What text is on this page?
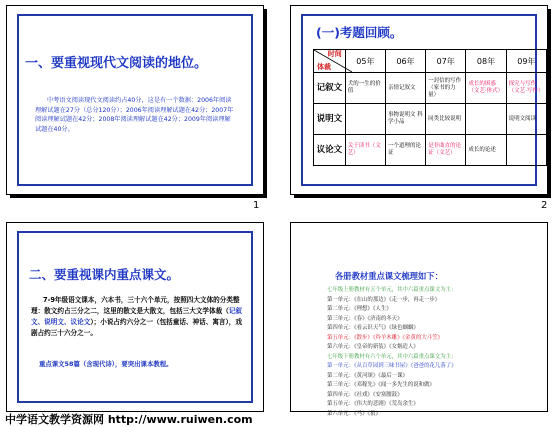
一、要重视现代文阅读的地位。

中考语文阅读现代文阅读约占40分，这是有一个数据：2006年阅读理解试题在27分（总分120分）；2006年阅读理解试题在42分；2007年阅读理解试题在42分；2008年阅读理解试题在42分；2009年阅读理解试题在40分。

1
(一)考题回顾。
时间
体裁	05年	06年	07年	08年	09年
记叙文	犬的一生的价值	亲情记叙文	一封信的写作（家书的力量）	成长的困惑（文艺·体式）	探究与写作（文艺·写作）
说明文		事物说明文 科学小品	同类比较说明		说明文阅读
议论文	关于读书（文艺）	一个道理的论证	是非曲直的论证（文艺）	成长的论述	
2
二、要重视课内重点课文。

7-9年级语文课本，六本书，三十六个单元，按照四大文体的分类整理：散文约占三分之二，这里的散文是大散文，包括三大文学体裁（记叙文、说明文、议论文）；小说占约六分之一（包括童话、神话、寓言），戏剧占约三十六分之一。

重点课文58篇（含现代诗），要突出课本教程。
各册教材重点课文梳理如下：
七年级上册教材有五个单元，其中六篇重点课文为主：
第一单元：《在山的那边》《走一步，再走一步》
第二单元：《理想》《人生》
第三单元：《春》《济南的冬天》
第四单元：《看云识天气》《绿色蝈蝈》
第五单元：《散步》《羚羊木雕》《金黄的大斗笠》
第六单元：《皇帝的新装》《女娲造人》
七年级下册教材有六个单元，其中六篇重点课文为主：
第一单元：《从百草园到三味书屋》《爸爸的花儿落了》
第二单元：《黄河颂》《最后一课》
第三单元：《邓稼先》《闻一多先生的说和做》
第四单元：《社戏》《安塞腰鼓》
第五单元：《伟大的悲剧》《荒岛余生》
第六单元：《马》《狼》
中学语文教学资源网 http://www.ruiwen.com
